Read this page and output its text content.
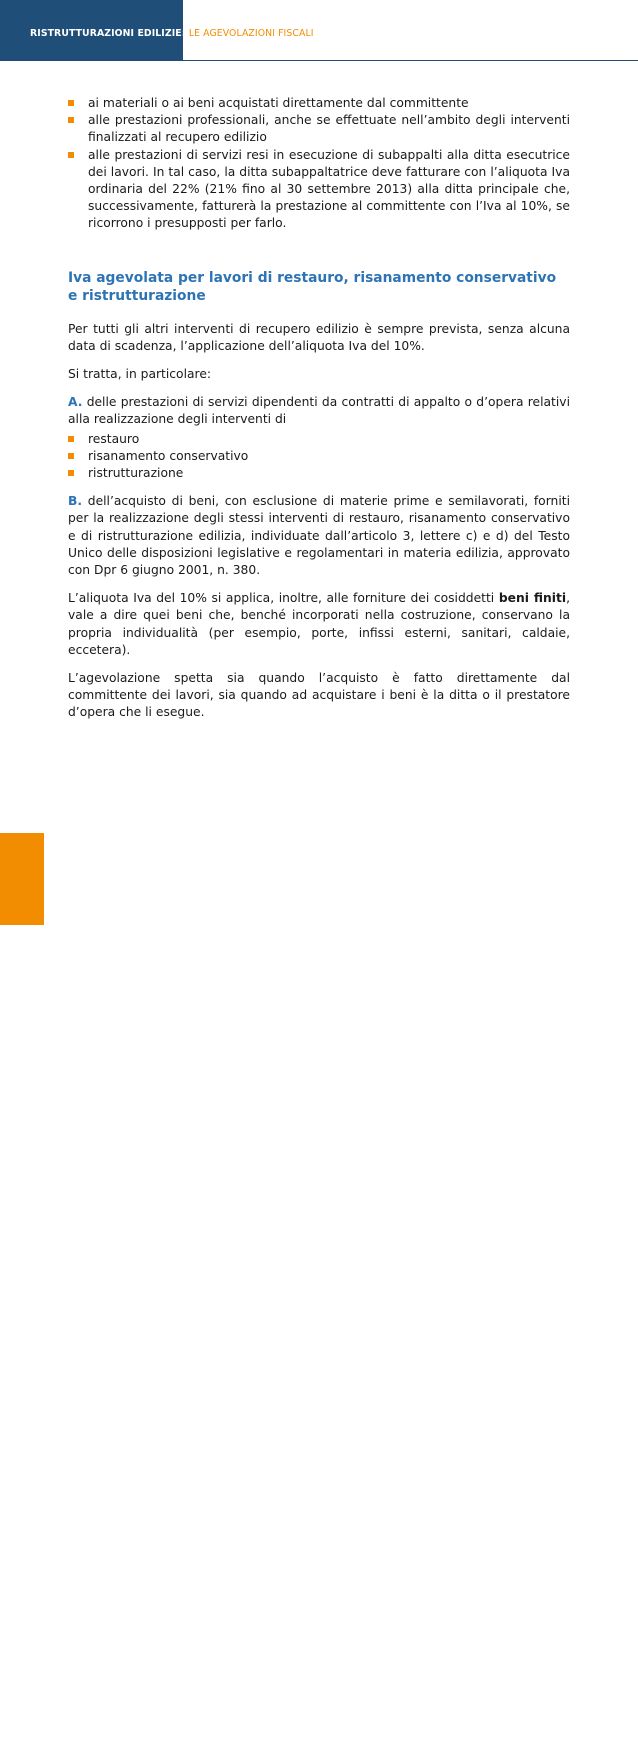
RISTRUTTURAZIONI EDILIZIE: LE AGEVOLAZIONI FISCALI
ai materiali o ai beni acquistati direttamente dal committente
alle prestazioni professionali, anche se effettuate nell’ambito degli interventi finalizzati al recupero edilizio
alle prestazioni di servizi resi in esecuzione di subappalti alla ditta esecutrice dei lavori. In tal caso, la ditta subappaltatrice deve fatturare con l’aliquota Iva ordinaria del 22% (21% fino al 30 settembre 2013) alla ditta principale che, successivamente, fatturerà la prestazione al committente con l’Iva al 10%, se ricorrono i presupposti per farlo.
Iva agevolata per lavori di restauro, risanamento conservativo e ristrutturazione

Per tutti gli altri interventi di recupero edilizio è sempre prevista, senza alcuna data di scadenza, l’applicazione dell’aliquota Iva del 10%.

Si tratta, in particolare:

A. delle prestazioni di servizi dipendenti da contratti di appalto o d’opera relativi alla realizzazione degli interventi di

restauro
risanamento conservativo
ristrutturazione

B. dell’acquisto di beni, con esclusione di materie prime e semilavorati, forniti per la realizzazione degli stessi interventi di restauro, risanamento conservativo e di ristrutturazione edilizia, individuate dall’articolo 3, lettere c) e d) del Testo Unico delle disposizioni legislative e regolamentari in materia edilizia, approvato con Dpr 6 giugno 2001, n. 380.

L’aliquota Iva del 10% si applica, inoltre, alle forniture dei cosiddetti beni finiti, vale a dire quei beni che, benché incorporati nella costruzione, conservano la propria individualità (per esempio, porte, infissi esterni, sanitari, caldaie, eccetera).

L’agevolazione spetta sia quando l’acquisto è fatto direttamente dal committente dei lavori, sia quando ad acquistare i beni è la ditta o il prestatore d’opera che li esegue.

Pagina20
